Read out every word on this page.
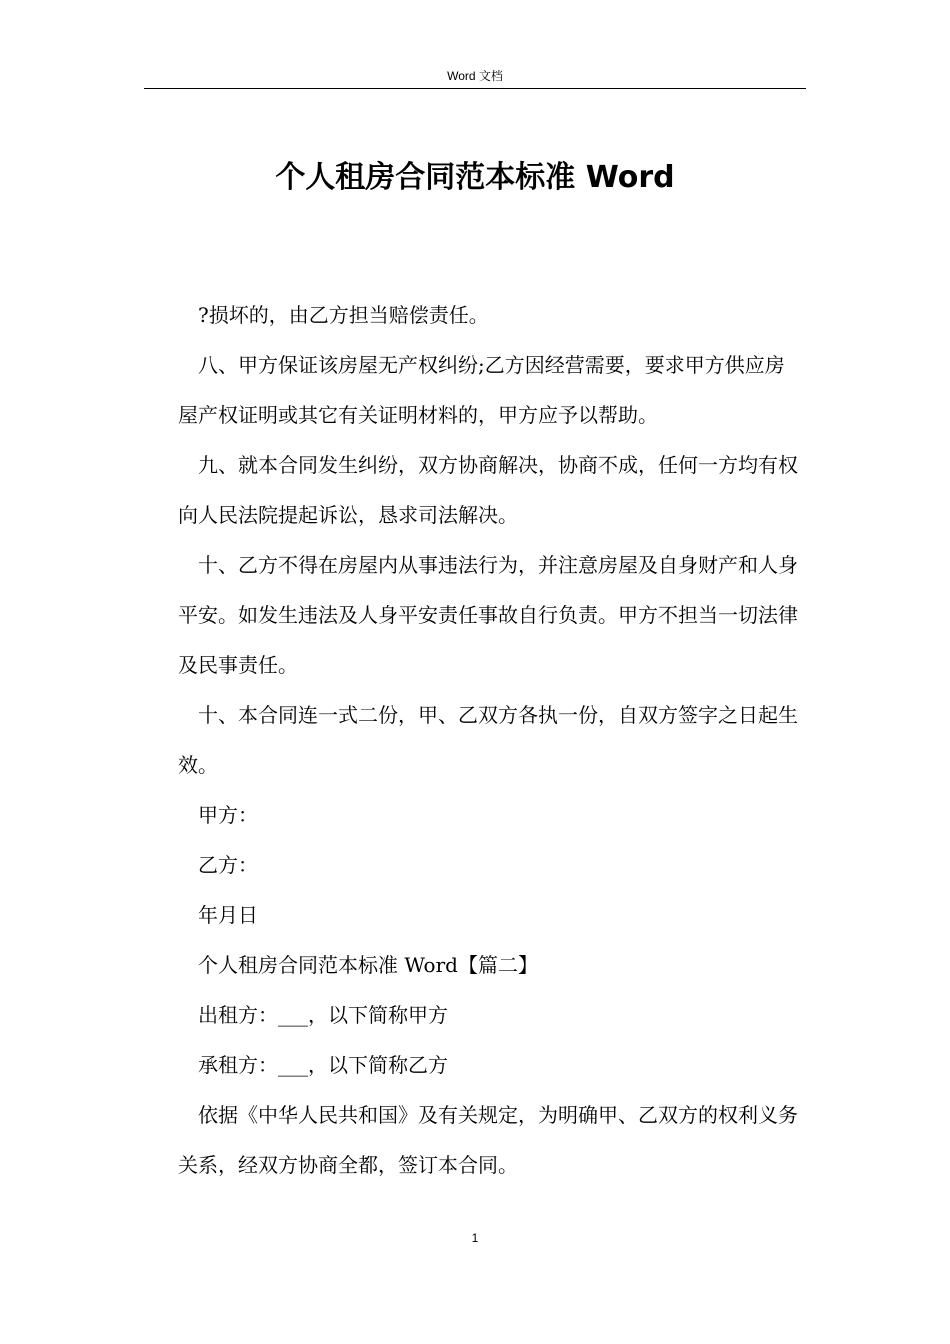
Word 文档
个人租房合同范本标准 Word

?损坏的，由乙方担当赔偿责任。

八、甲方保证该房屋无产权纠纷;乙方因经营需要，要求甲方供应房屋产权证明或其它有关证明材料的，甲方应予以帮助。

九、就本合同发生纠纷，双方协商解决，协商不成，任何一方均有权向人民法院提起诉讼，恳求司法解决。

十、乙方不得在房屋内从事违法行为，并注意房屋及自身财产和人身平安。如发生违法及人身平安责任事故自行负责。甲方不担当一切法律及民事责任。

十、本合同连一式二份，甲、乙双方各执一份，自双方签字之日起生效。

甲方：

乙方：

年月日

个人租房合同范本标准 Word【篇二】

出租方：___，以下简称甲方

承租方：___，以下简称乙方

依据《中华人民共和国》及有关规定，为明确甲、乙双方的权利义务关系，经双方协商全都，签订本合同。

1
